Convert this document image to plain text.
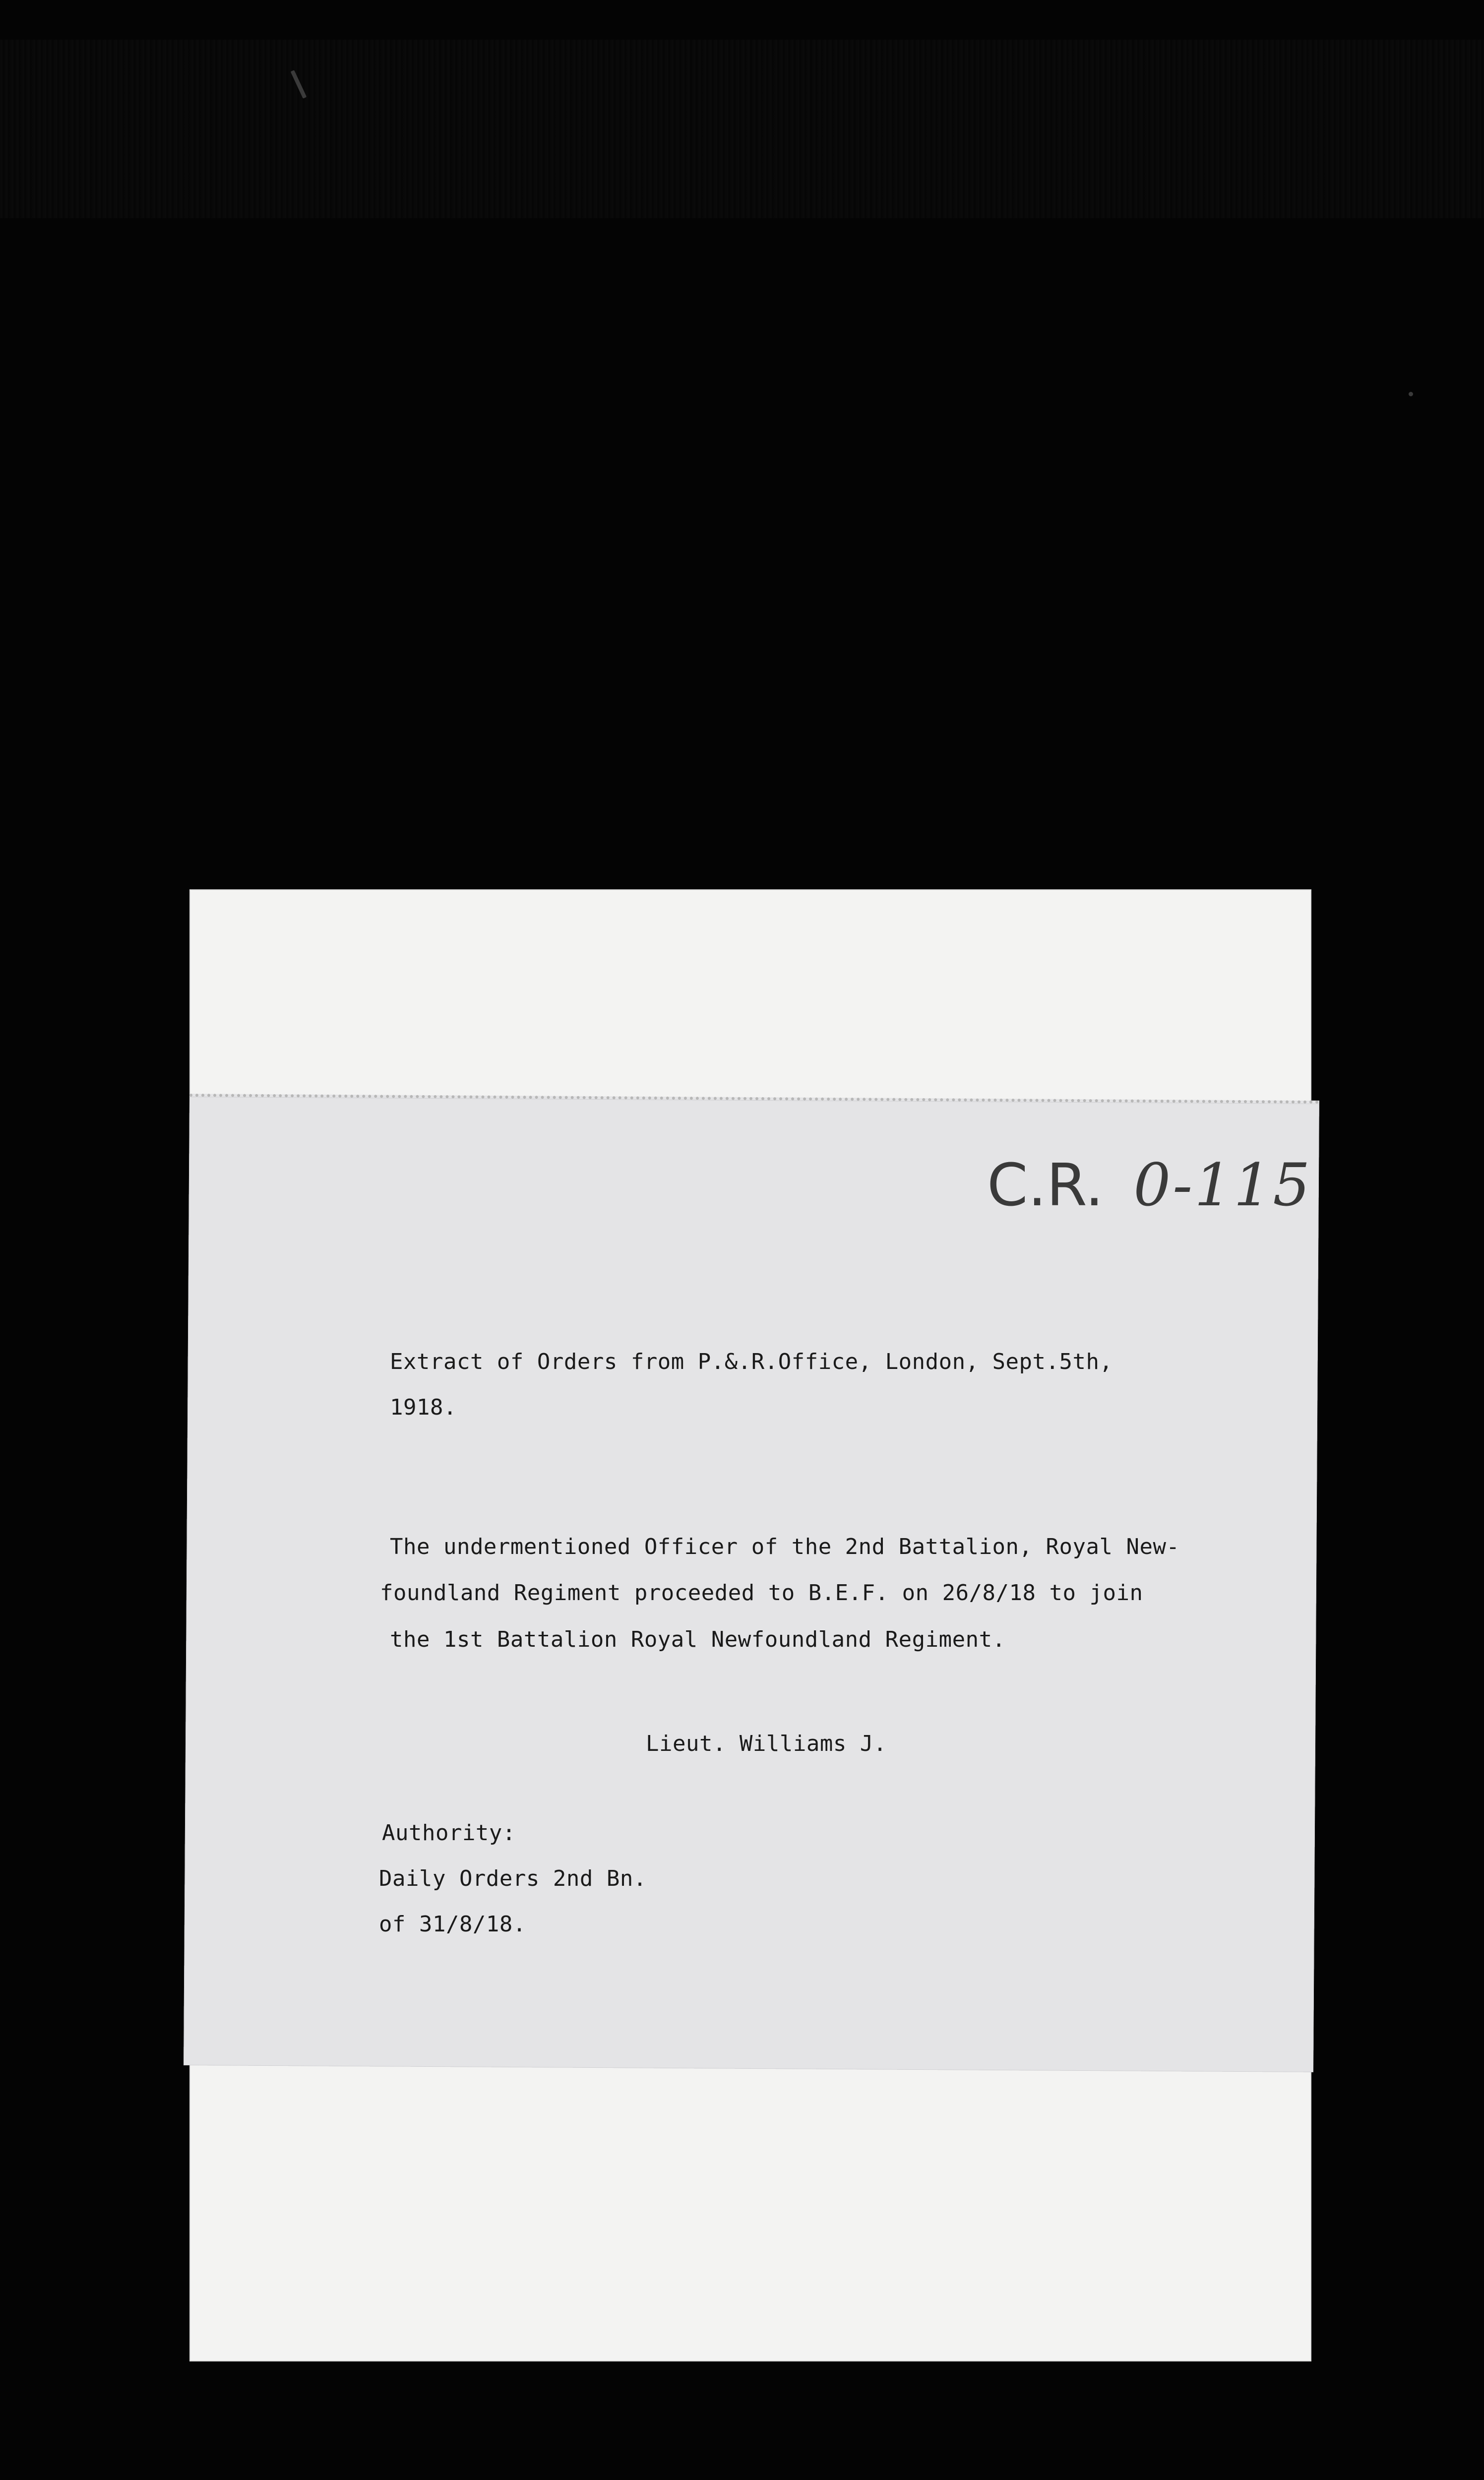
C.R. 0-115
Extract of Orders from P.&.R.Office, London, Sept.5th,
1918.
The undermentioned Officer of the 2nd Battalion, Royal New-
foundland Regiment proceeded to B.E.F. on 26/8/18 to join
the 1st Battalion Royal Newfoundland Regiment.
Lieut. Williams J.
Authority:
Daily Orders 2nd Bn.
of 31/8/18.
